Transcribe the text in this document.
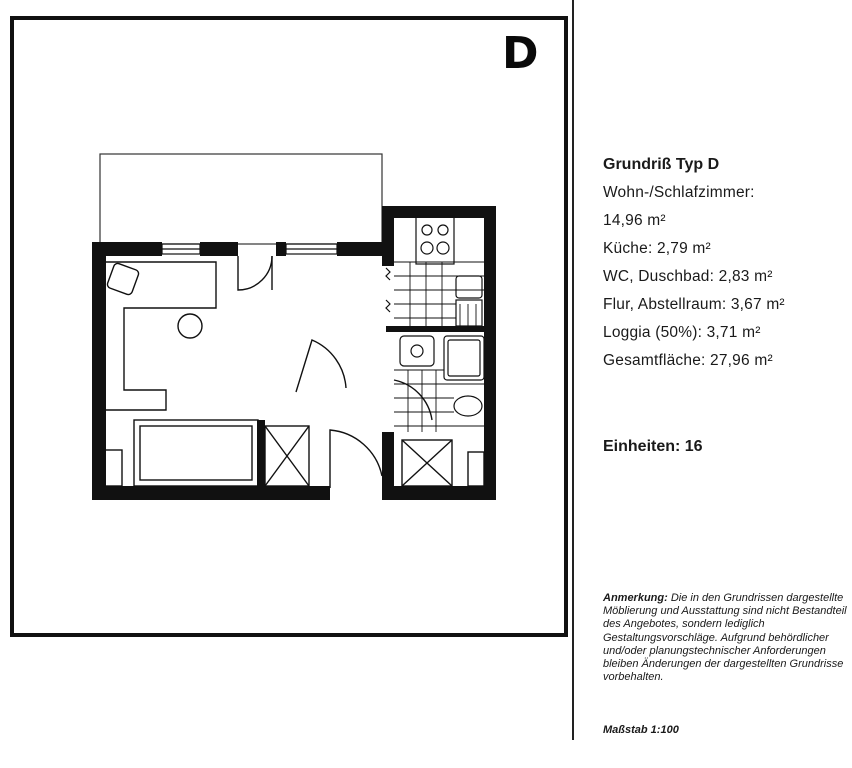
D
Grundriß Typ D
Wohn-/Schlafzimmer:
14,96 m²
Küche: 2,79 m²
WC, Duschbad: 2,83 m²
Flur, Abstellraum: 3,67 m²
Loggia (50%): 3,71 m²
Gesamtfläche: 27,96 m²
Einheiten: 16
Anmerkung: Die in den Grundrissen dargestellte Möblierung und Ausstattung sind nicht Bestandteil des Angebotes, sondern lediglich Gestaltungsvorschläge. Aufgrund behördlicher und/oder planungstechnischer Anforderungen bleiben Änderungen der dargestellten Grundrisse vorbehalten.
Maßstab 1:100
